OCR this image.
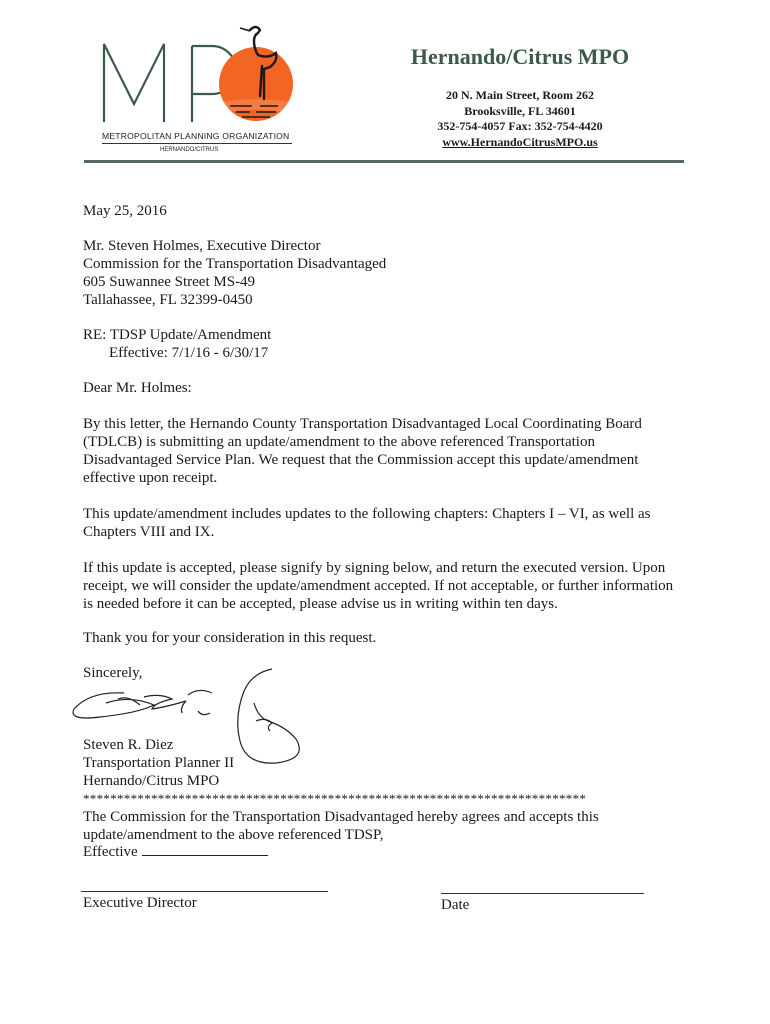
METROPOLITAN PLANNING ORGANIZATION
HERNANDO/CITRUS
Hernando/Citrus MPO
20 N. Main Street, Room 262
Brooksville, FL 34601
352-754-4057 Fax: 352-754-4420
www.HernandoCitrusMPO.us
May 25, 2016
Mr. Steven Holmes, Executive Director
Commission for the Transportation Disadvantaged
605 Suwannee Street MS-49
Tallahassee, FL 32399-0450
RE: TDSP Update/Amendment
Effective: 7/1/16 - 6/30/17
Dear Mr. Holmes:
By this letter, the Hernando County Transportation Disadvantaged Local Coordinating Board
(TDLCB) is submitting an update/amendment to the above referenced Transportation
Disadvantaged Service Plan. We request that the Commission accept this update/amendment
effective upon receipt.
This update/amendment includes updates to the following chapters: Chapters I – VI, as well as
Chapters VIII and IX.
If this update is accepted, please signify by signing below, and return the executed version. Upon
receipt, we will consider the update/amendment accepted. If not acceptable, or further information
is needed before it can be accepted, please advise us in writing within ten days.
Thank you for your consideration in this request.
Sincerely,
Steven R. Diez
Transportation Planner II
Hernando/Citrus MPO
**************************************************************************
The Commission for the Transportation Disadvantaged hereby agrees and accepts this
update/amendment to the above referenced TDSP,
Effective
Executive Director	Date
